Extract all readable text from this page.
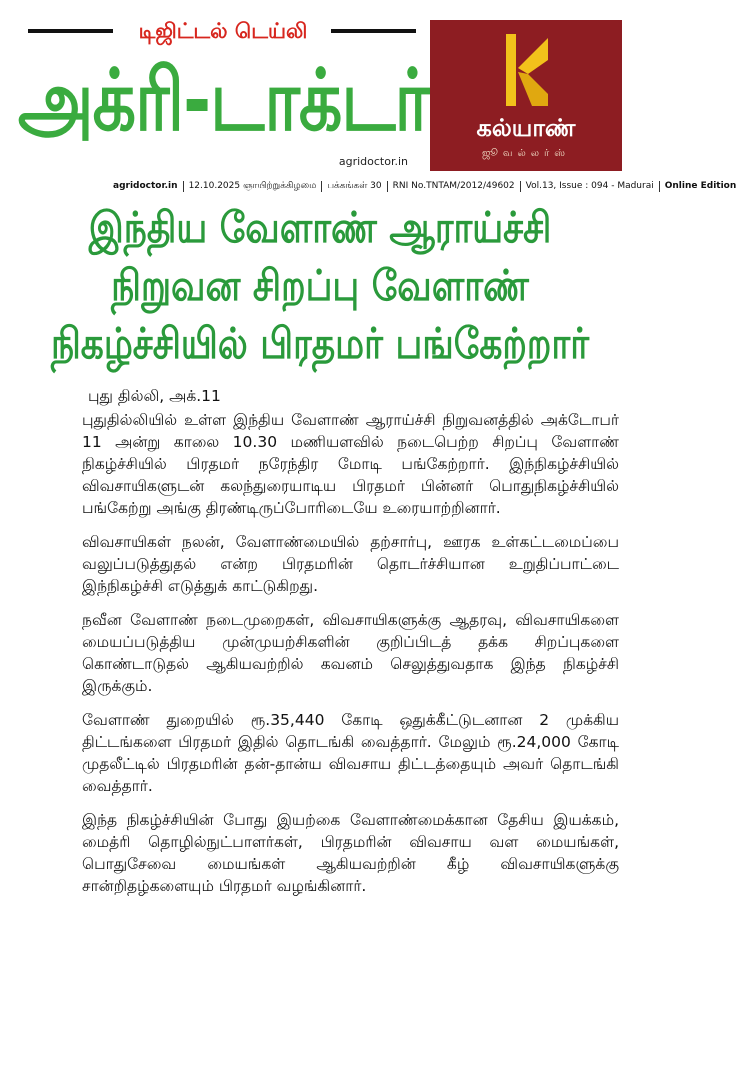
டிஜிட்டல் டெய்லி
அக்ரி-டாக்டர்
agridoctor.in
கல்யாண்
ஜூவல்லர்ஸ்
agridoctor.in	12.10.2025 ஞாயிற்றுக்கிழமை	பக்கங்கள் 30	RNI No.TNTAM/2012/49602	Vol.13, Issue : 094 - Madurai	Online Edition
இந்திய வேளாண் ஆராய்ச்சி
நிறுவன சிறப்பு வேளாண்
நிகழ்ச்சியில் பிரதமர் பங்கேற்றார்
புது தில்லி, அக்.11

புதுதில்லியில் உள்ள இந்திய வேளாண் ஆராய்ச்சி நிறுவனத்தில் அக்டோபர் 11 அன்று காலை 10.30 மணியளவில் நடைபெற்ற சிறப்பு வேளாண் நிகழ்ச்சியில் பிரதமர் நரேந்திர மோடி பங்கேற்றார். இந்நிகழ்ச்சியில் விவசாயிகளுடன் கலந்துரையாடிய பிரதமர் பின்னர் பொதுநிகழ்ச்சியில் பங்கேற்று அங்கு திரண்டிருப்போரிடையே உரையாற்றினார்.

விவசாயிகள் நலன், வேளாண்மையில் தற்சார்பு, ஊரக உள்கட்டமைப்பை வலுப்படுத்துதல் என்ற பிரதமரின் தொடர்ச்சியான உறுதிப்பாட்டை இந்நிகழ்ச்சி எடுத்துக் காட்டுகிறது.

நவீன வேளாண் நடைமுறைகள், விவசாயிகளுக்கு ஆதரவு, விவசாயிகளை மையப்படுத்திய முன்முயற்சிகளின் குறிப்பிடத் தக்க சிறப்புகளை கொண்டாடுதல் ஆகியவற்றில் கவனம் செலுத்துவதாக இந்த நிகழ்ச்சி இருக்கும்.

வேளாண் துறையில் ரூ.35,440 கோடி ஒதுக்கீட்டுடனான 2 முக்கிய திட்டங்களை பிரதமர் இதில் தொடங்கி வைத்தார். மேலும் ரூ.24,000 கோடி முதலீட்டில் பிரதமரின் தன்-தான்ய விவசாய திட்டத்தையும் அவர் தொடங்கி வைத்தார்.

இந்த நிகழ்ச்சியின் போது இயற்கை வேளாண்மைக்கான தேசிய இயக்கம், மைத்ரி தொழில்நுட்பாளர்கள், பிரதமரின் விவசாய வள மையங்கள், பொதுசேவை மையங்கள் ஆகியவற்றின் கீழ் விவசாயிகளுக்கு சான்றிதழ்களையும் பிரதமர் வழங்கினார்.
